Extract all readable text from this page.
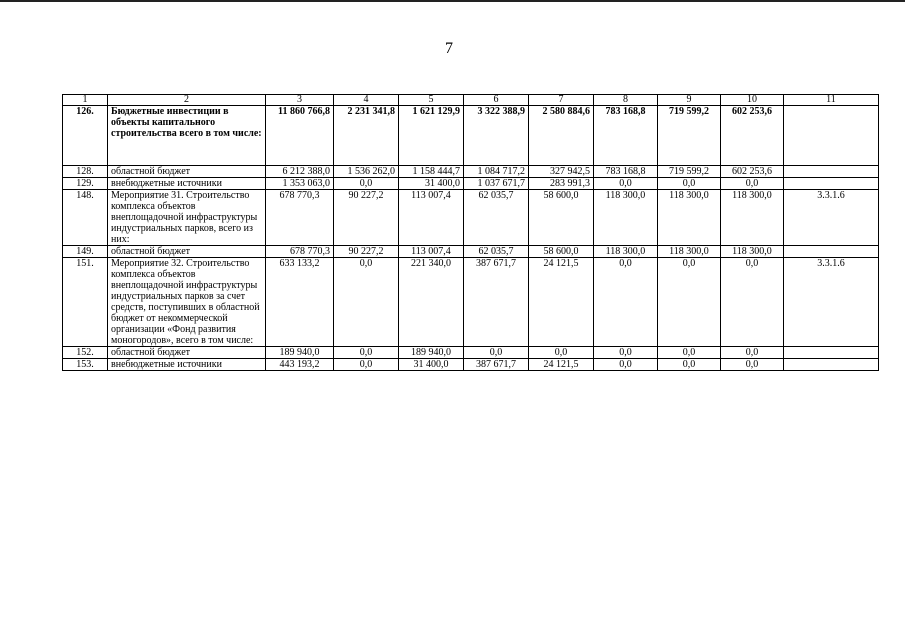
7
1	2	3	4	5	6	7	8	9	10	11
126.	Бюджетные инвестиции в объекты капитального строительства всего в том числе:	11 860 766,8	2 231 341,8	1 621 129,9	3 322 388,9	2 580 884,6	783 168,8	719 599,2	602 253,6	
128.	областной бюджет	6 212 388,0	1 536 262,0	1 158 444,7	1 084 717,2	327 942,5	783 168,8	719 599,2	602 253,6	
129.	внебюджетные источники	1 353 063,0	0,0	31 400,0	1 037 671,7	283 991,3	0,0	0,0	0,0	
148.	Мероприятие 31. Строительство комплекса объектов внеплощадочной инфраструктуры индустриальных парков, всего из них:	678 770,3	90 227,2	113 007,4	62 035,7	58 600,0	118 300,0	118 300,0	118 300,0	3.3.1.6
149.	областной бюджет	678 770,3	90 227,2	113 007,4	62 035,7	58 600,0	118 300,0	118 300,0	118 300,0	
151.	Мероприятие 32. Строительство комплекса объектов внеплощадочной инфраструктуры индустриальных парков за счет средств, поступивших в областной бюджет от некоммерческой организации «Фонд развития моногородов», всего в том числе:	633 133,2	0,0	221 340,0	387 671,7	24 121,5	0,0	0,0	0,0	3.3.1.6
152.	областной бюджет	189 940,0	0,0	189 940,0	0,0	0,0	0,0	0,0	0,0	
153.	внебюджетные источники	443 193,2	0,0	31 400,0	387 671,7	24 121,5	0,0	0,0	0,0	
